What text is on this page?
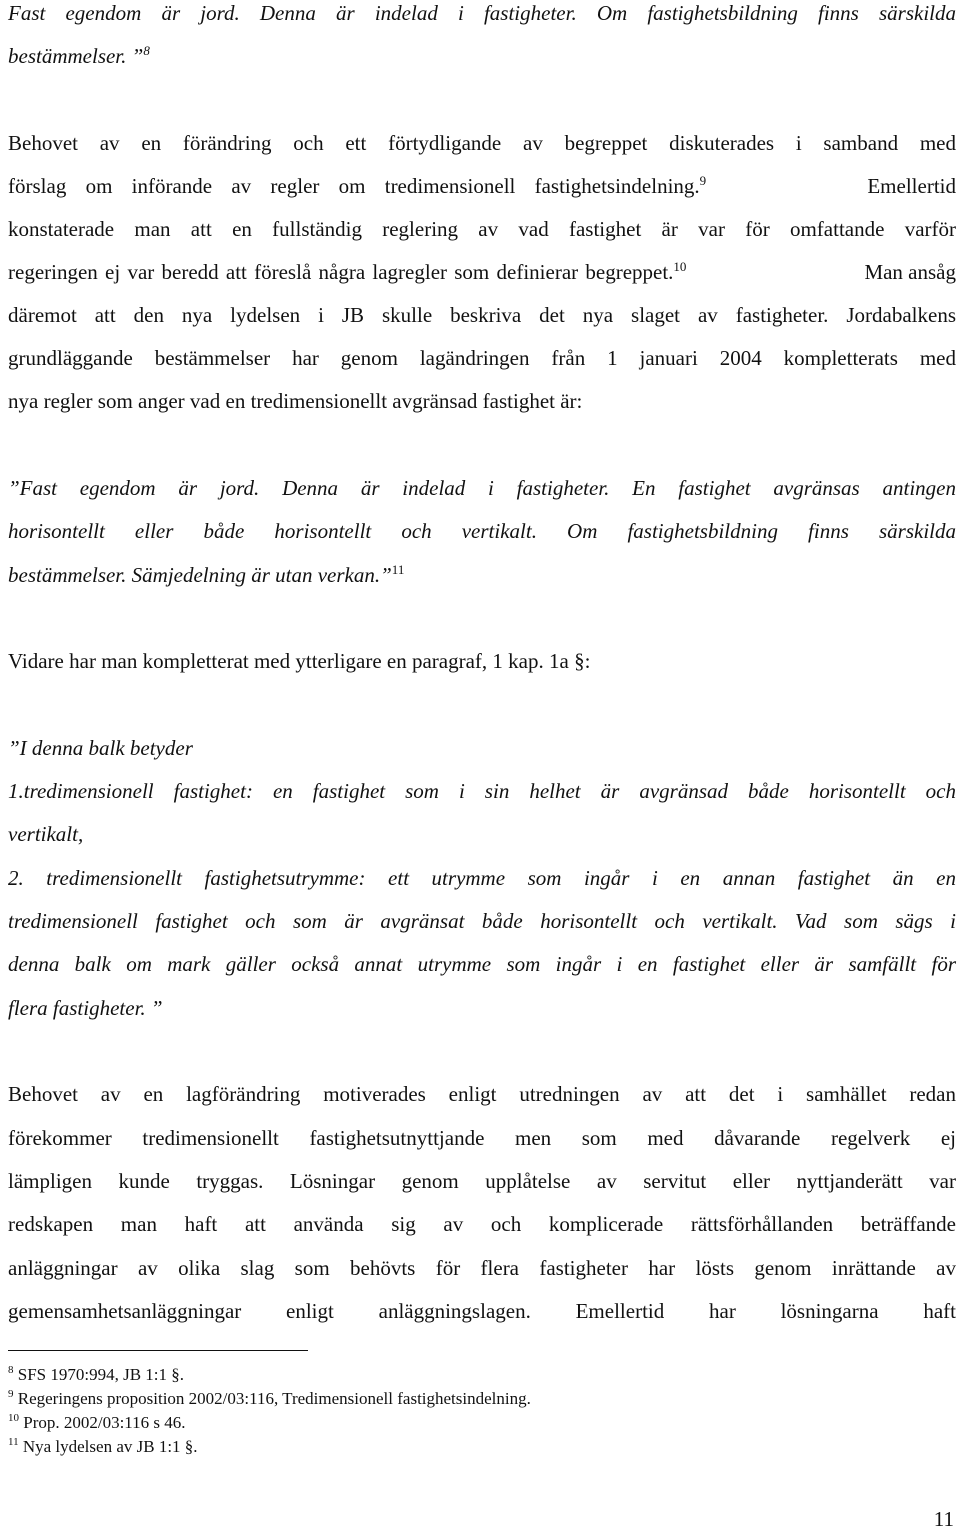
Fast egendom är jord. Denna är indelad i fastigheter. Om fastighetsbildning finns särskilda
bestämmelser. ”$^8$
Behovet av en förändring och ett förtydligande av begreppet diskuterades i samband med
förslag om införande av regler om tredimensionell fastighetsindelning.$^9$	Emellertid
konstaterade man att en fullständig reglering av vad fastighet är var för omfattande varför
regeringen ej var beredd att föreslå några lagregler som definierar begreppet.$^{10}$	Man ansåg
däremot att den nya lydelsen i JB skulle beskriva det nya slaget av fastigheter. Jordabalkens
grundläggande bestämmelser har genom lagändringen från 1 januari 2004 kompletterats med
nya regler som anger vad en tredimensionellt avgränsad fastighet är:
”Fast egendom är jord. Denna är indelad i fastigheter. En fastighet avgränsas antingen
horisontellt eller både horisontellt och vertikalt. Om fastighetsbildning finns särskilda
bestämmelser. Sämjedelning är utan verkan.”$^{11}$
Vidare har man kompletterat med ytterligare en paragraf, 1 kap. 1a §:
”I denna balk betyder
1.tredimensionell fastighet: en fastighet som i sin helhet är avgränsad både horisontellt och
vertikalt,
2. tredimensionellt fastighetsutrymme: ett utrymme som ingår i en annan fastighet än en
tredimensionell fastighet och som är avgränsat både horisontellt och vertikalt. Vad som sägs i
denna balk om mark gäller också annat utrymme som ingår i en fastighet eller är samfällt för
flera fastigheter. ”
Behovet av en lagförändring motiverades enligt utredningen av att det i samhället redan
förekommer tredimensionellt fastighetsutnyttjande men som med dåvarande regelverk ej
lämpligen kunde tryggas. Lösningar genom upplåtelse av servitut eller nyttjanderätt var
redskapen man haft att använda sig av och komplicerade rättsförhållanden beträffande
anläggningar av olika slag som behövts för flera fastigheter har lösts genom inrättande av
gemensamhetsanläggningar enligt anläggningslagen. Emellertid har lösningarna haft
$^8$ SFS 1970:994, JB 1:1 §.
$^9$ Regeringens proposition 2002/03:116, Tredimensionell fastighetsindelning.
$^{10}$ Prop. 2002/03:116 s 46.
$^{11}$ Nya lydelsen av JB 1:1 §.
11
